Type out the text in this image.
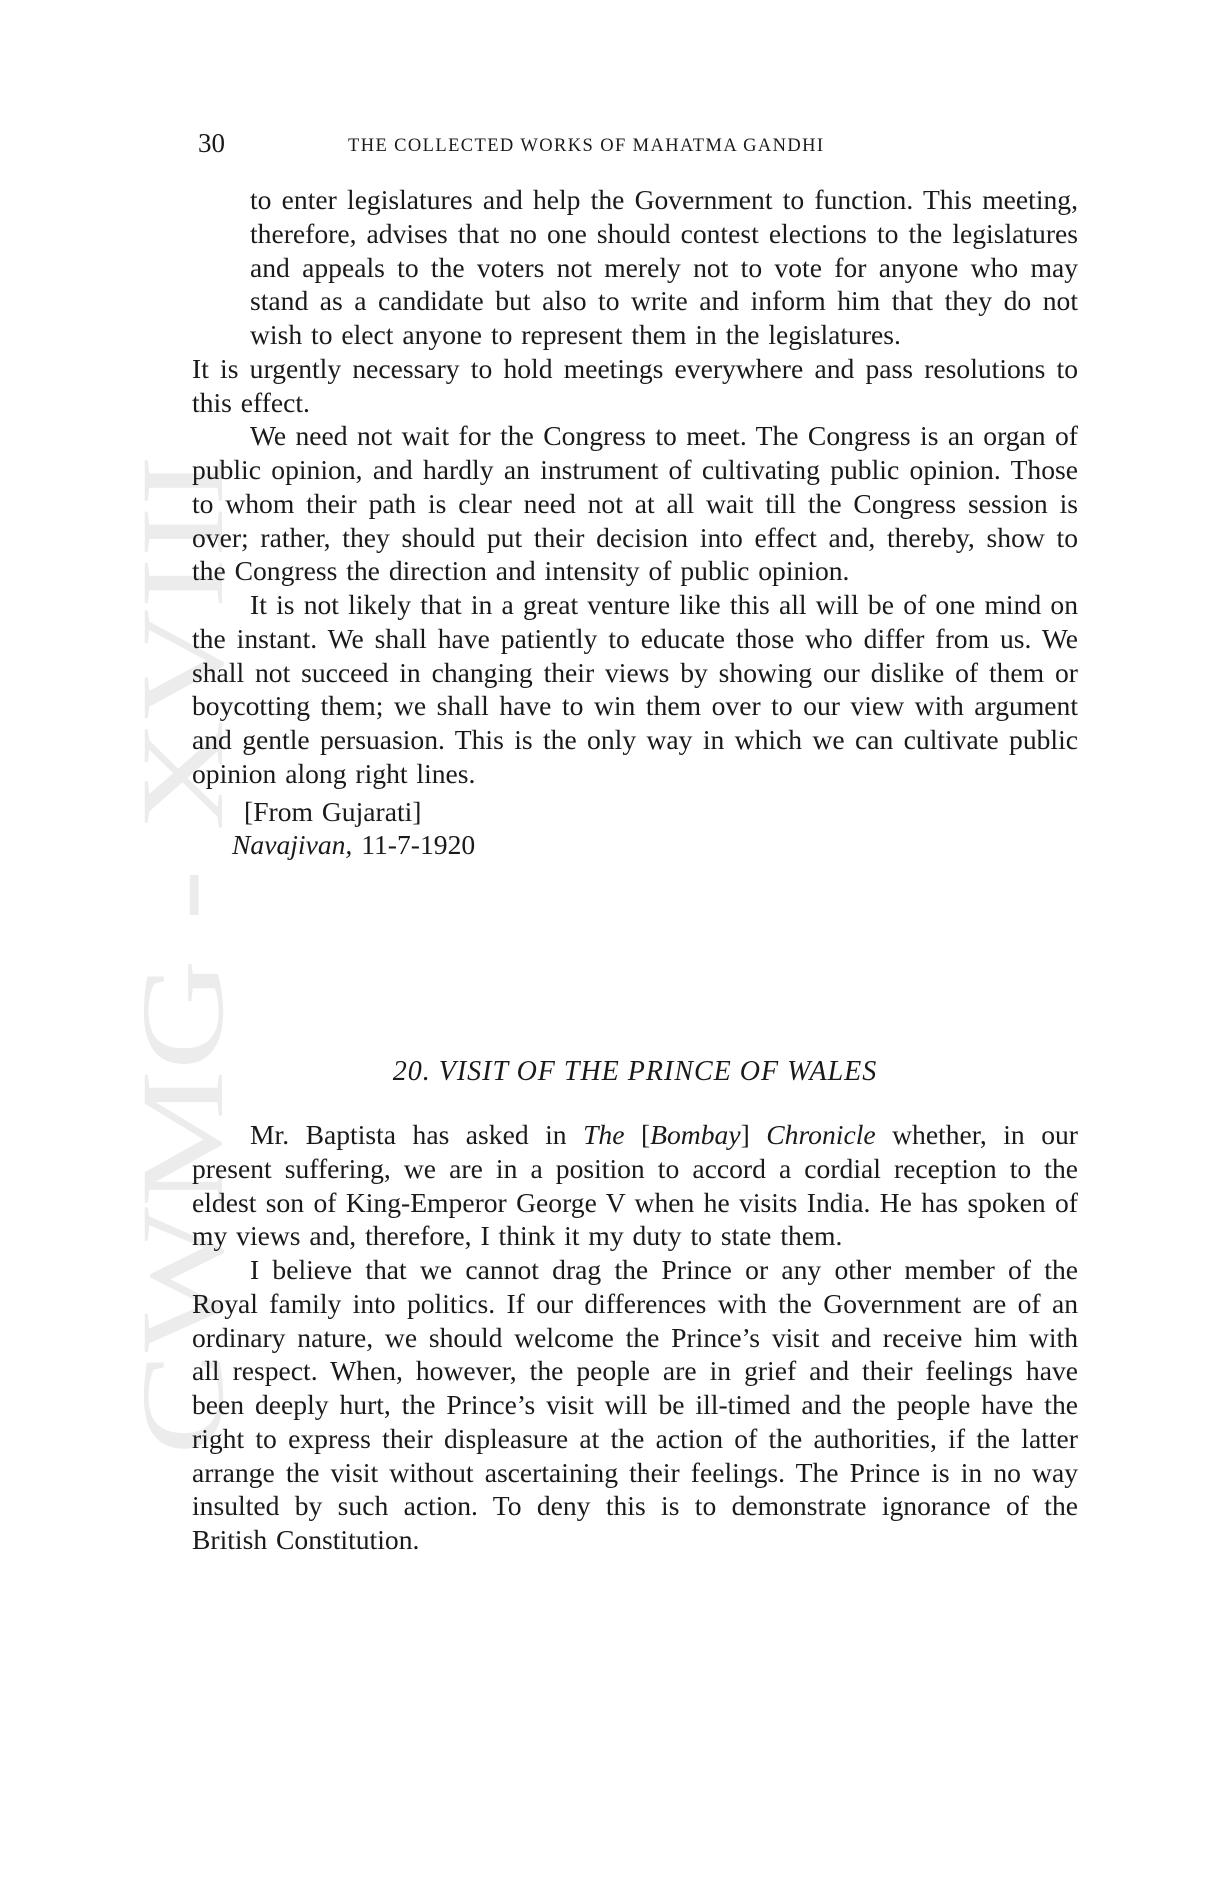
CWMG - XVIII
30	THE COLLECTED WORKS OF MAHATMA GANDHI

to enter legislatures and help the Government to function. This meeting, therefore, advises that no one should contest elections to the legislatures and appeals to the voters not merely not to vote for anyone who may stand as a candidate but also to write and inform him that they do not wish to elect anyone to represent them in the legislatures.

It is urgently necessary to hold meetings everywhere and pass resolutions to this effect.

We need not wait for the Congress to meet. The Congress is an organ of public opinion, and hardly an instrument of cultivating public opinion. Those to whom their path is clear need not at all wait till the Congress session is over; rather, they should put their decision into effect and, thereby, show to the Congress the direction and intensity of public opinion.

It is not likely that in a great venture like this all will be of one mind on the instant. We shall have patiently to educate those who differ from us. We shall not succeed in changing their views by showing our dislike of them or boycotting them; we shall have to win them over to our view with argument and gentle persuasion. This is the only way in which we can cultivate public opinion along right lines.

[From Gujarati]

Navajivan, 11-7-1920

20. VISIT OF THE PRINCE OF WALES

Mr. Baptista has asked in The [Bombay] Chronicle whether, in our present suffering, we are in a position to accord a cordial reception to the eldest son of King-Emperor George V when he visits India. He has spoken of my views and, therefore, I think it my duty to state them.

I believe that we cannot drag the Prince or any other member of the Royal family into politics. If our differences with the Government are of an ordinary nature, we should welcome the Prince’s visit and receive him with all respect. When, however, the people are in grief and their feelings have been deeply hurt, the Prince’s visit will be ill-timed and the people have the right to express their displeasure at the action of the authorities, if the latter arrange the visit without ascertaining their feelings. The Prince is in no way insulted by such action. To deny this is to demonstrate ignorance of the British Constitution.
